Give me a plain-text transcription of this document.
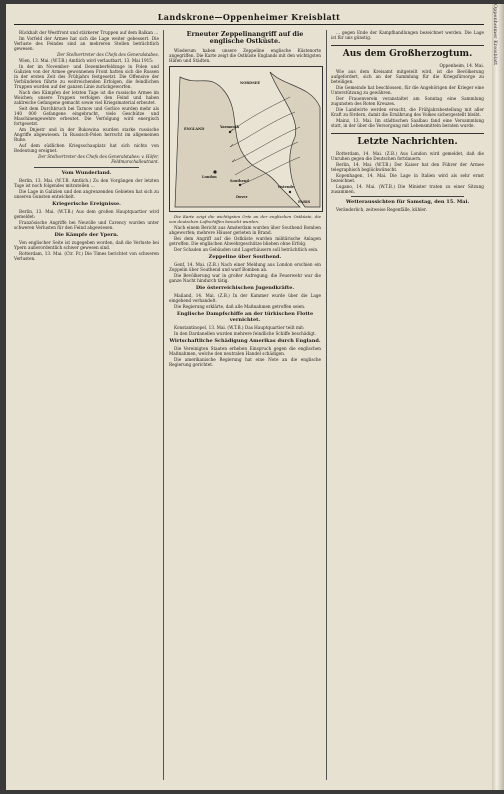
Landskrone—Oppenheimer Kreisblatt

Rückhalt der Westfront und stärkerer Truppen auf dem Balkan ...

Im Vorfeld der Armee hat sich die Lage weiter gebessert. Die Verluste des Feindes sind an mehreren Stellen beträchtlich gewesen.

Der Stellvertreter des Chefs des Generalstabes.

Wien, 13. Mai. (W.T.B.) Amtlich wird verlautbart, 13. Mai 1915:

In der im November- und Dezemberfeldzuge in Polen und Galizien von der Armee gewonnenen Front hatten sich die Russen in der ersten Zeit des Frühjahrs festgesetzt. Die Offensive der Verbündeten führte zu weitreichenden Erfolgen, die feindlichen Truppen wurden auf der ganzen Linie zurückgeworfen.

Nach den Kämpfen der letzten Tage ist die russische Armee im Weichen; unsere Truppen verfolgen den Feind und haben zahlreiche Gefangene gemacht sowie viel Kriegsmaterial erbeutet.

Seit dem Durchbruch bei Tarnow und Gorlice wurden mehr als 140 000 Gefangene eingebracht, viele Geschütze und Maschinengewehre erbeutet. Die Verfolgung wird energisch fortgesetzt.

Am Dnjestr und in der Bukowina wurden starke russische Angriffe abgewiesen. In Russisch-Polen herrscht im allgemeinen Ruhe.

Auf dem südlichen Kriegsschauplatz hat sich nichts von Bedeutung ereignet.

Der Stellvertreter des Chefs des Generalstabes: v. Höfer, Feldmarschalleutnant.

Vom Wunderland.

Berlin, 13. Mai. (W.T.B. Amtlich.) Zu den Vorgängen der letzten Tage ist noch folgendes mitzuteilen ...

Die Lage in Galizien und den angrenzenden Gebieten hat sich zu unseren Gunsten entwickelt.

Kriegerische Ereignisse.

Berlin, 13. Mai. (W.T.B.) Aus dem großen Hauptquartier wird gemeldet:

Französische Angriffe bei Neuville und Carency wurden unter schweren Verlusten für den Feind abgewiesen.

Die Kämpfe der Ypern.

Von englischer Seite ist zugegeben worden, daß die Verluste bei Ypern außerordentlich schwer gewesen sind.

Rotterdam, 13. Mai. (Ctr. Fr.) Die Times berichtet von schweren Verlusten.

Erneuter Zeppelinangriff auf die englische Ostküste.

Wiederum haben unsere Zeppeline englische Küstenorte angegriffen. Die Karte zeigt die Ostküste Englands mit den wichtigsten Häfen und Städten.

NORDSEE
ENGLAND
London
Yarmouth
Southend
Dover
Ostende
PARIS

Die Karte zeigt die wichtigsten Orte an der englischen Ostküste, die von deutschen Luftschiffen besucht wurden.

Nach einem Bericht aus Amsterdam wurden über Southend Bomben abgeworfen; mehrere Häuser gerieten in Brand.

Bei dem Angriff auf die Ostküste wurden militärische Anlagen getroffen. Die englischen Abwehrgeschütze blieben ohne Erfolg.

Der Schaden an Gebäuden und Lagerhäusern soll beträchtlich sein.

Zeppeline über Southend.

Genf, 14. Mai. (Z.B.) Nach einer Meldung aus London erschien ein Zeppelin über Southend und warf Bomben ab.

Die Bevölkerung war in großer Aufregung; die Feuerwehr war die ganze Nacht hindurch tätig.

Die österreichischen Jugendkräfte.

Mailand, 14. Mai. (Z.B.) In der Kammer wurde über die Lage eingehend verhandelt.

Die Regierung erklärte, daß alle Maßnahmen getroffen seien.

Englische Dampfschiffe an der türkischen Flotte vernichtet.

Konstantinopel, 13. Mai. (W.T.B.) Das Hauptquartier teilt mit:

In den Dardanellen wurden mehrere feindliche Schiffe beschädigt.

Wirtschaftliche Schädigung Amerikas durch England.

Die Vereinigten Staaten erheben Einspruch gegen die englischen Maßnahmen, welche den neutralen Handel schädigen.

Die amerikanische Regierung hat eine Note an die englische Regierung gerichtet.

... gegen Ende der Kampfhandlungen bezeichnet werden. Die Lage ist für uns günstig.

Aus dem Großherzogtum.

Oppenheim, 14. Mai.

Wie aus dem Kreisamt mitgeteilt wird, ist die Bevölkerung aufgefordert, sich an der Sammlung für die Kriegsfürsorge zu beteiligen.

Die Gemeinde hat beschlossen, für die Angehörigen der Krieger eine Unterstützung zu gewähren.

Der Frauenverein veranstaltet am Sonntag eine Sammlung zugunsten des Roten Kreuzes.

Die Landwirte werden ersucht, die Frühjahrsbestellung mit aller Kraft zu fördern, damit die Ernährung des Volkes sichergestellt bleibt.

Mainz, 13. Mai. Im städtischen Saalbau fand eine Versammlung statt, in der über die Versorgung mit Lebensmitteln beraten wurde.

Letzte Nachrichten.

Rotterdam, 14. Mai. (Z.B.) Aus London wird gemeldet, daß die Unruhen gegen die Deutschen fortdauern.

Berlin, 14. Mai. (W.T.B.) Der Kaiser hat den Führer der Armee telegraphisch beglückwünscht.

Kopenhagen, 14. Mai. Die Lage in Italien wird als sehr ernst bezeichnet.

Lugano, 14. Mai. (W.T.B.) Die Minister traten zu einer Sitzung zusammen.

Wetteraussichten für Samstag, den 15. Mai.

Veränderlich, zeitweise Regenfälle, kühler.

Oppenheimer Kreisblatt
